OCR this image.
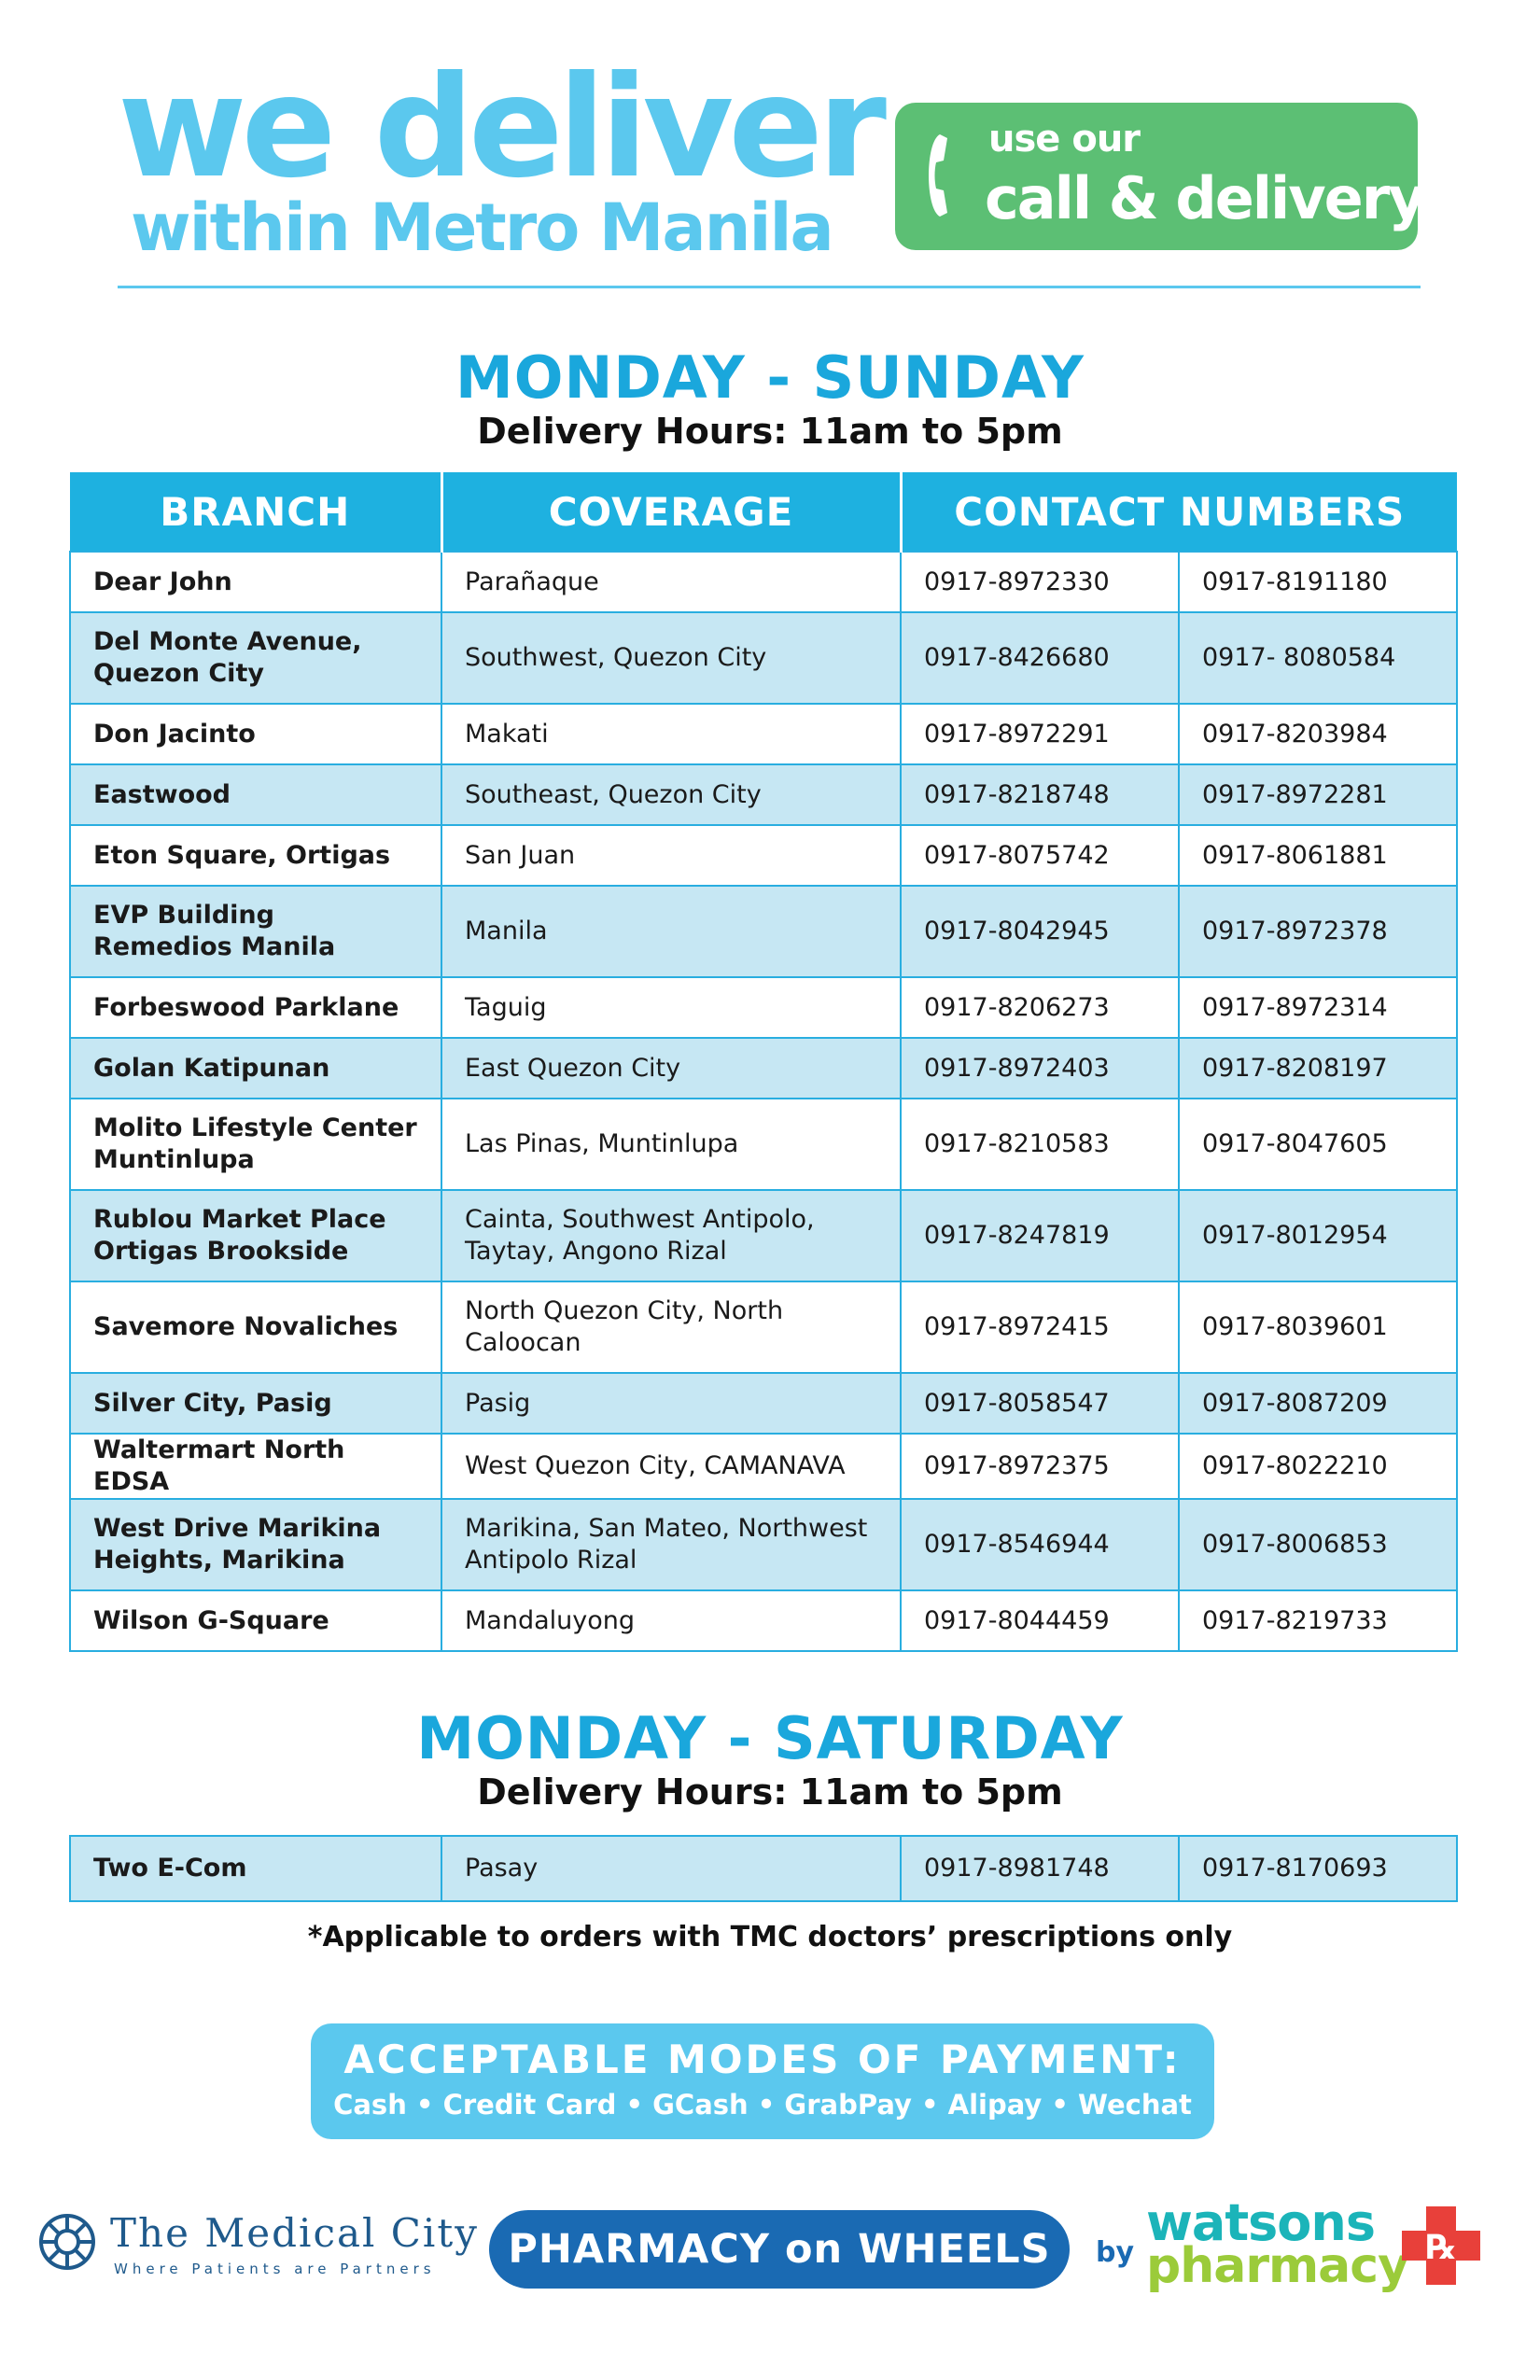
we deliver
within Metro Manila
use our
call & delivery
MONDAY - SUNDAY
Delivery Hours: 11am to 5pm
BRANCH	COVERAGE	CONTACT NUMBERS	
Dear John	Parañaque	0917-8972330	0917-8191180
Del Monte Avenue, Quezon City	Southwest, Quezon City	0917-8426680	0917- 8080584
Don Jacinto	Makati	0917-8972291	0917-8203984
Eastwood	Southeast, Quezon City	0917-8218748	0917-8972281
Eton Square, Ortigas	San Juan	0917-8075742	0917-8061881
EVP Building Remedios Manila	Manila	0917-8042945	0917-8972378
Forbeswood Parklane	Taguig	0917-8206273	0917-8972314
Golan Katipunan	East Quezon City	0917-8972403	0917-8208197
Molito Lifestyle Center Muntinlupa	Las Pinas, Muntinlupa	0917-8210583	0917-8047605
Rublou Market Place Ortigas Brookside	Cainta, Southwest Antipolo, Taytay, Angono Rizal	0917-8247819	0917-8012954
Savemore Novaliches	North Quezon City, North Caloocan	0917-8972415	0917-8039601
Silver City, Pasig	Pasig	0917-8058547	0917-8087209
Waltermart North EDSA	West Quezon City, CAMANAVA	0917-8972375	0917-8022210
West Drive Marikina Heights, Marikina	Marikina, San Mateo, Northwest Antipolo Rizal	0917-8546944	0917-8006853
Wilson G-Square	Mandaluyong	0917-8044459	0917-8219733
MONDAY - SATURDAY
Delivery Hours: 11am to 5pm
Two E-Com	Pasay	0917-8981748	0917-8170693
*Applicable to orders with TMC doctors’ prescriptions only
ACCEPTABLE MODES OF PAYMENT:
Cash • Credit Card • GCash • GrabPay • Alipay • Wechat
The Medical City
Where Patients are Partners	PHARMACY on WHEELS	by
watsons
pharmacy ℞
